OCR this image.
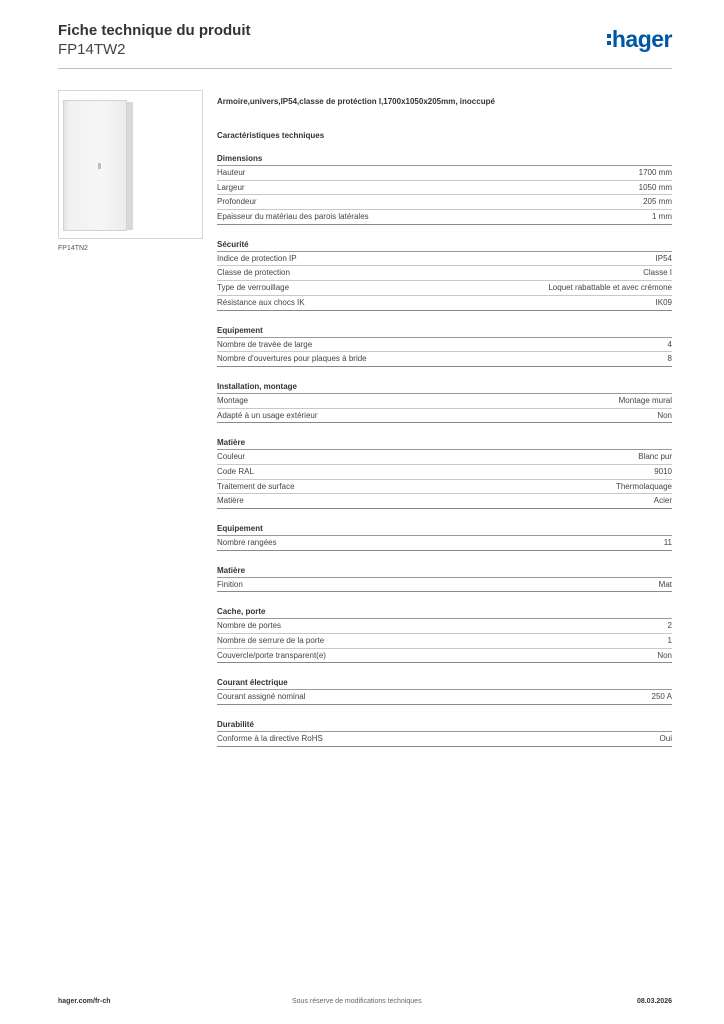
Fiche technique du produit
FP14TW2	hager
FP14TN2
Armoire,univers,IP54,classe de protéction I,1700x1050x205mm, inoccupé
Caractéristiques techniques
Dimensions
Hauteur	1700 mm
Largeur	1050 mm
Profondeur	205 mm
Epaisseur du matériau des parois latérales	1 mm
Sécurité
Indice de protection IP	IP54
Classe de protection	Classe I
Type de verrouillage	Loquet rabattable et avec crémone
Résistance aux chocs IK	IK09
Equipement
Nombre de travée de large	4
Nombre d'ouvertures pour plaques à bride	8
Installation, montage
Montage	Montage mural
Adapté à un usage extérieur	Non
Matière
Couleur	Blanc pur
Code RAL	9010
Traitement de surface	Thermolaquage
Matière	Acier
Equipement
Nombre rangées	11
Matière
Finition	Mat
Cache, porte
Nombre de portes	2
Nombre de serrure de la porte	1
Couvercle/porte transparent(e)	Non
Courant électrique
Courant assigné nominal	250 A
Durabilité
Conforme à la directive RoHS	Oui
hager.com/fr-ch	Sous réserve de modifications techniques	08.03.2026
